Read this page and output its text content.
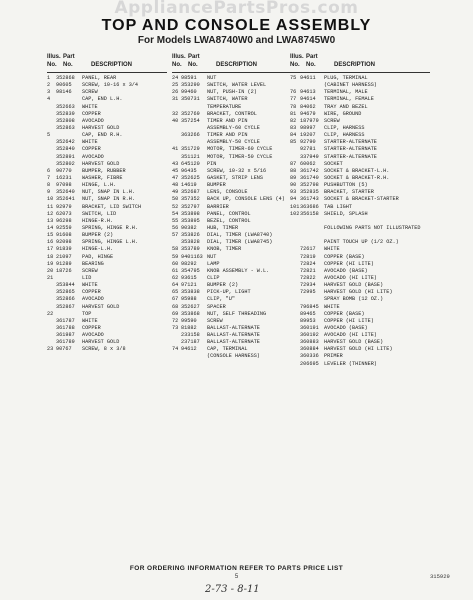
AppliancePartsPros.com
TOP AND CONSOLE ASSEMBLY
For Models LWA8740W0 and LWA8745W0
Illus. Part
No. No.	DESCRIPTION
1	352868	PANEL, REAR
2	90605	SCREW, 10-16 x 3/4
3	98146	SCREW
4	CAP, END L.H.
352663	WHITE
352839	COPPER
352808	AVOCADO
352863	HARVEST GOLD
5	CAP, END R.H.
352642	WHITE
352840	COPPER
352891	AVOCADO
352802	HARVEST GOLD
6	90770	BUMPER, RUBBER
7	16231	WASHER, FIBRE
8	97098	HINGE, L.H.
9	352640	NUT, SNAP IN L.H.
10 352641	NUT, SNAP IN R.H.
11 92979	BRACKET, LID SWITCH
12 62073	SWITCH, LID
13 96298	HINGE-R.H.
14 92559	SPRING, HINGE R.H.
15 91608	BUMPER (2)
16 92098	SPRING, HINGE L.H.
17 91839	HINGE-L.H.
18 21097	PAD, HINGE
19 91289	BEARING
20 18726	SCREW
21	LID
353844	WHITE
352865	COPPER
352866	AVOCADO
352867	HARVEST GOLD
22	TOP
361787	WHITE
361788	COPPER
361987	AVOCADO
361789	HARVEST GOLD
23 90767	SCREW, 8 x 3/8
Illus. Part
No. No.	DESCRIPTION
24 98591	NUT
25 353290	SWITCH, WATER LEVEL
26 99460	NUT, PUSH-IN (2)
31 350731	SWITCH, WATER
TEMPERATURE
32 352769	BRACKET, CONTROL
40 357254	TIMER AND PIN
ASSEMBLY-60 CYCLE
363266	TIMER AND PIN
ASSEMBLY-50 CYCLE
41 351729	MOTOR, TIMER-60 CYCLE
351121	MOTOR, TIMER-50 CYCLE
43 645120	PIN
45 96435	SCREW, 10-32 x 5/16
47 352625	GASKET, STRIP LENS
48 14619	BUMPER
49 352687	LENS, CONSOLE
50 357352	BACK UP, CONSOLE LENS (4)
52 352797	BARRIER
54 353898	PANEL, CONTROL
55 353895	BEZEL, CONTROL
56 90382	HUB, TIMER
57 353826	DIAL, TIMER (LWA8740)
353828	DIAL, TIMER (LWA8745)
58 353789	KNOB, TIMER
59 9401163 NUT
60 98292	LAMP
61 354795	KNOB ASSEMBLY - W.L.
62 93615	CLIP
64 97121	BUMPER (2)
65 353838	PICK-UP, LIGHT
67 95988	CLIP, "U"
68 352627	SPACER
69 353868	NUT, SELF THREADING
72 99590	SCREW
73 81882	BALLAST-ALTERNATE
233158	BALLAST-ALTERNATE
237187	BALLAST-ALTERNATE
74 94612	CAP, TERMINAL
(CONSOLE HARNESS)
Illus. Part
No. No.	DESCRIPTION
75 94611	PLUG, TERMINAL
(CABINET HARNESS)
76 94613	TERMINAL, MALE
77 94614	TERMINAL, FEMALE
78 84062	TRAY AND BEZEL
81 94679	WIRE, GROUND
82 187979	SCREW
83 98997	CLIP, HARNESS
84 19207	CLIP, HARNESS
85 92790	STARTER-ALTERNATE
92781	STARTER-ALTERNATE
337949	STARTER-ALTERNATE
87 60062	SOCKET
88 361742	SOCKET & BRACKET-L.H.
89 361740	SOCKET & BRACKET-R.H.
90 352798	PUSHBUTTON (5)
93 352835	BRACKET, STARTER
94 361743	SOCKET & BRACKET-STARTER
101 363686	TAB LIGHT
102 356158	SHIELD, SPLASH
FOLLOWING PARTS NOT ILLUSTRATED
PAINT TOUCH UP (1/2 OZ.)
72617	WHITE
72819	COPPER (BASE)
72824	COPPER (HI LITE)
72821	AVOCADO (BASE)
72822	AVOCADO (HI LITE)
72934	HARVEST GOLD (BASE)
72995	HARVEST GOLD (HI LITE)
SPRAY BOMB (12 OZ.)
796845	WHITE
89465	COPPER (BASE)
89953	COPPER (HI LITE)
360191	AVOCADO (BASE)
360192	AVOCADO (HI LITE)
360883	HARVEST GOLD (BASE)
360884	HARVEST GOLD (HI LITE)
360336	PRIMER
206695	LEVELER (THINNER)
FOR ORDERING INFORMATION REFER TO PARTS PRICE LIST
5	315929
2-73 - 8-11
